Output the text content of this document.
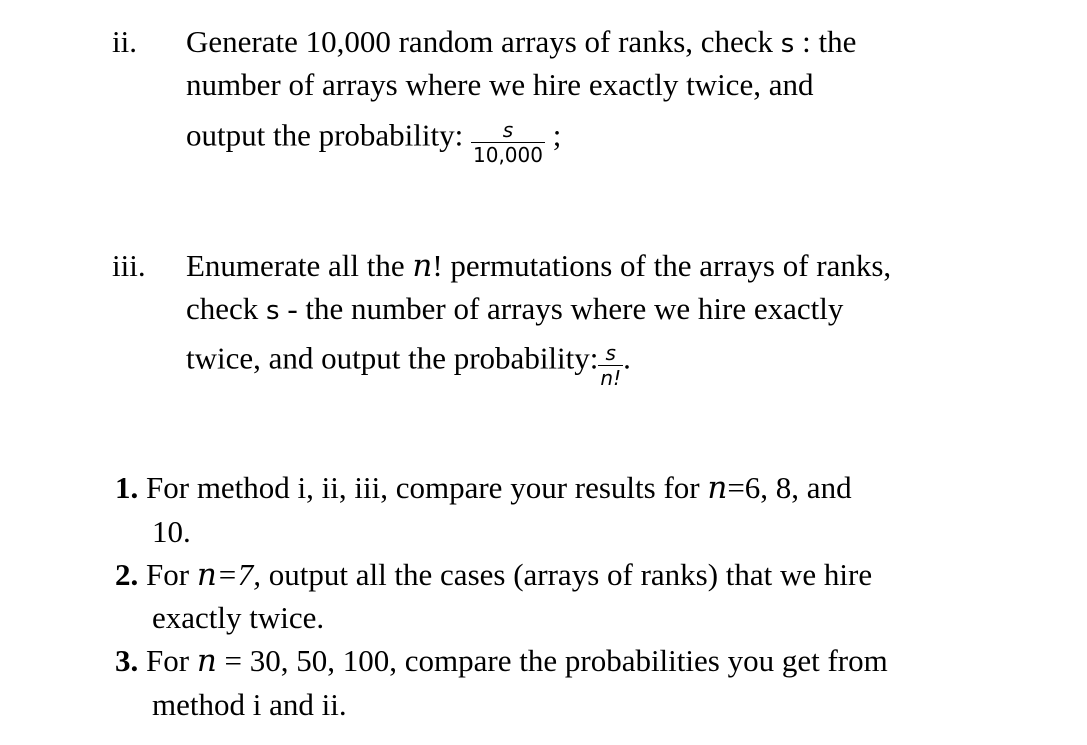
ii. Generate 10,000 random arrays of ranks, check s : the
number of arrays where we hire exactly twice, and
output the probability: $\frac{s}{10,000}$ ;
iii. Enumerate all the n! permutations of the arrays of ranks,
check s - the number of arrays where we hire exactly
twice, and output the probability: $\frac{s}{n!}$ .
1. For method i, ii, iii, compare your results for n=6, 8, and
10.
2. For n=7, output all the cases (arrays of ranks) that we hire
exactly twice.
3. For n = 30, 50, 100, compare the probabilities you get from
method i and ii.
